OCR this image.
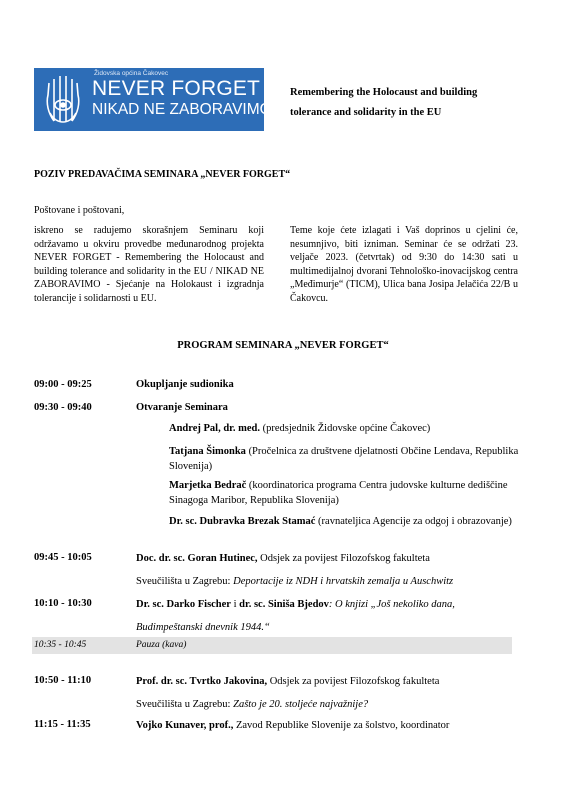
Židovska općina Čakovec
NEVER FORGET
NIKAD NE ZABORAVIMO
Remembering the Holocaust and building
tolerance and solidarity in the EU
POZIV PREDAVAČIMA SEMINARA „NEVER FORGET“
Poštovane i poštovani,
iskreno se radujemo skorašnjem Seminaru koji održavamo u okviru provedbe međunarodnog projekta NEVER FORGET - Remembering the Holocaust and building tolerance and solidarity in the EU / NIKAD NE ZABORAVIMO - Sjećanje na Holokaust i izgradnja tolerancije i solidarnosti u EU.
Teme koje ćete izlagati i Vaš doprinos u cjelini će, nesumnjivo, biti izniman. Seminar će se održati 23. veljače 2023. (četvrtak) od 9:30 do 14:30 sati u multimedijalnoj dvorani Tehnološko-inovacijskog centra „Međimurje“ (TICM), Ulica bana Josipa Jelačića 22/B u Čakovcu.
PROGRAM SEMINARA „NEVER FORGET“
09:00 - 09:25	Okupljanje sudionika
09:30 - 09:40	Otvaranje Seminara
Andrej Pal, dr. med. (predsjednik Židovske općine Čakovec)
Tatjana Šimonka (Pročelnica za društvene djelatnosti Občine Lendava, Republika Slovenija)
Marjetka Bedrač (koordinatorica programa Centra judovske kulturne dediščine Sinagoga Maribor, Republika Slovenija)
Dr. sc. Dubravka Brezak Stamać (ravnateljica Agencije za odgoj i obrazovanje)
09:45 - 10:05	Doc. dr. sc. Goran Hutinec, Odsjek za povijest Filozofskog fakulteta
Sveučilišta u Zagrebu: Deportacije iz NDH i hrvatskih zemalja u Auschwitz
10:10 - 10:30	Dr. sc. Darko Fischer i dr. sc. Siniša Bjedov: O knjizi „Još nekoliko dana,
Budimpeštanski dnevnik 1944.“
10:35 - 10:45	Pauza (kava)
10:50 - 11:10	Prof. dr. sc. Tvrtko Jakovina, Odsjek za povijest Filozofskog fakulteta
Sveučilišta u Zagrebu: Zašto je 20. stoljeće najvažnije?
11:15 - 11:35	Vojko Kunaver, prof., Zavod Republike Slovenije za šolstvo, koordinator
